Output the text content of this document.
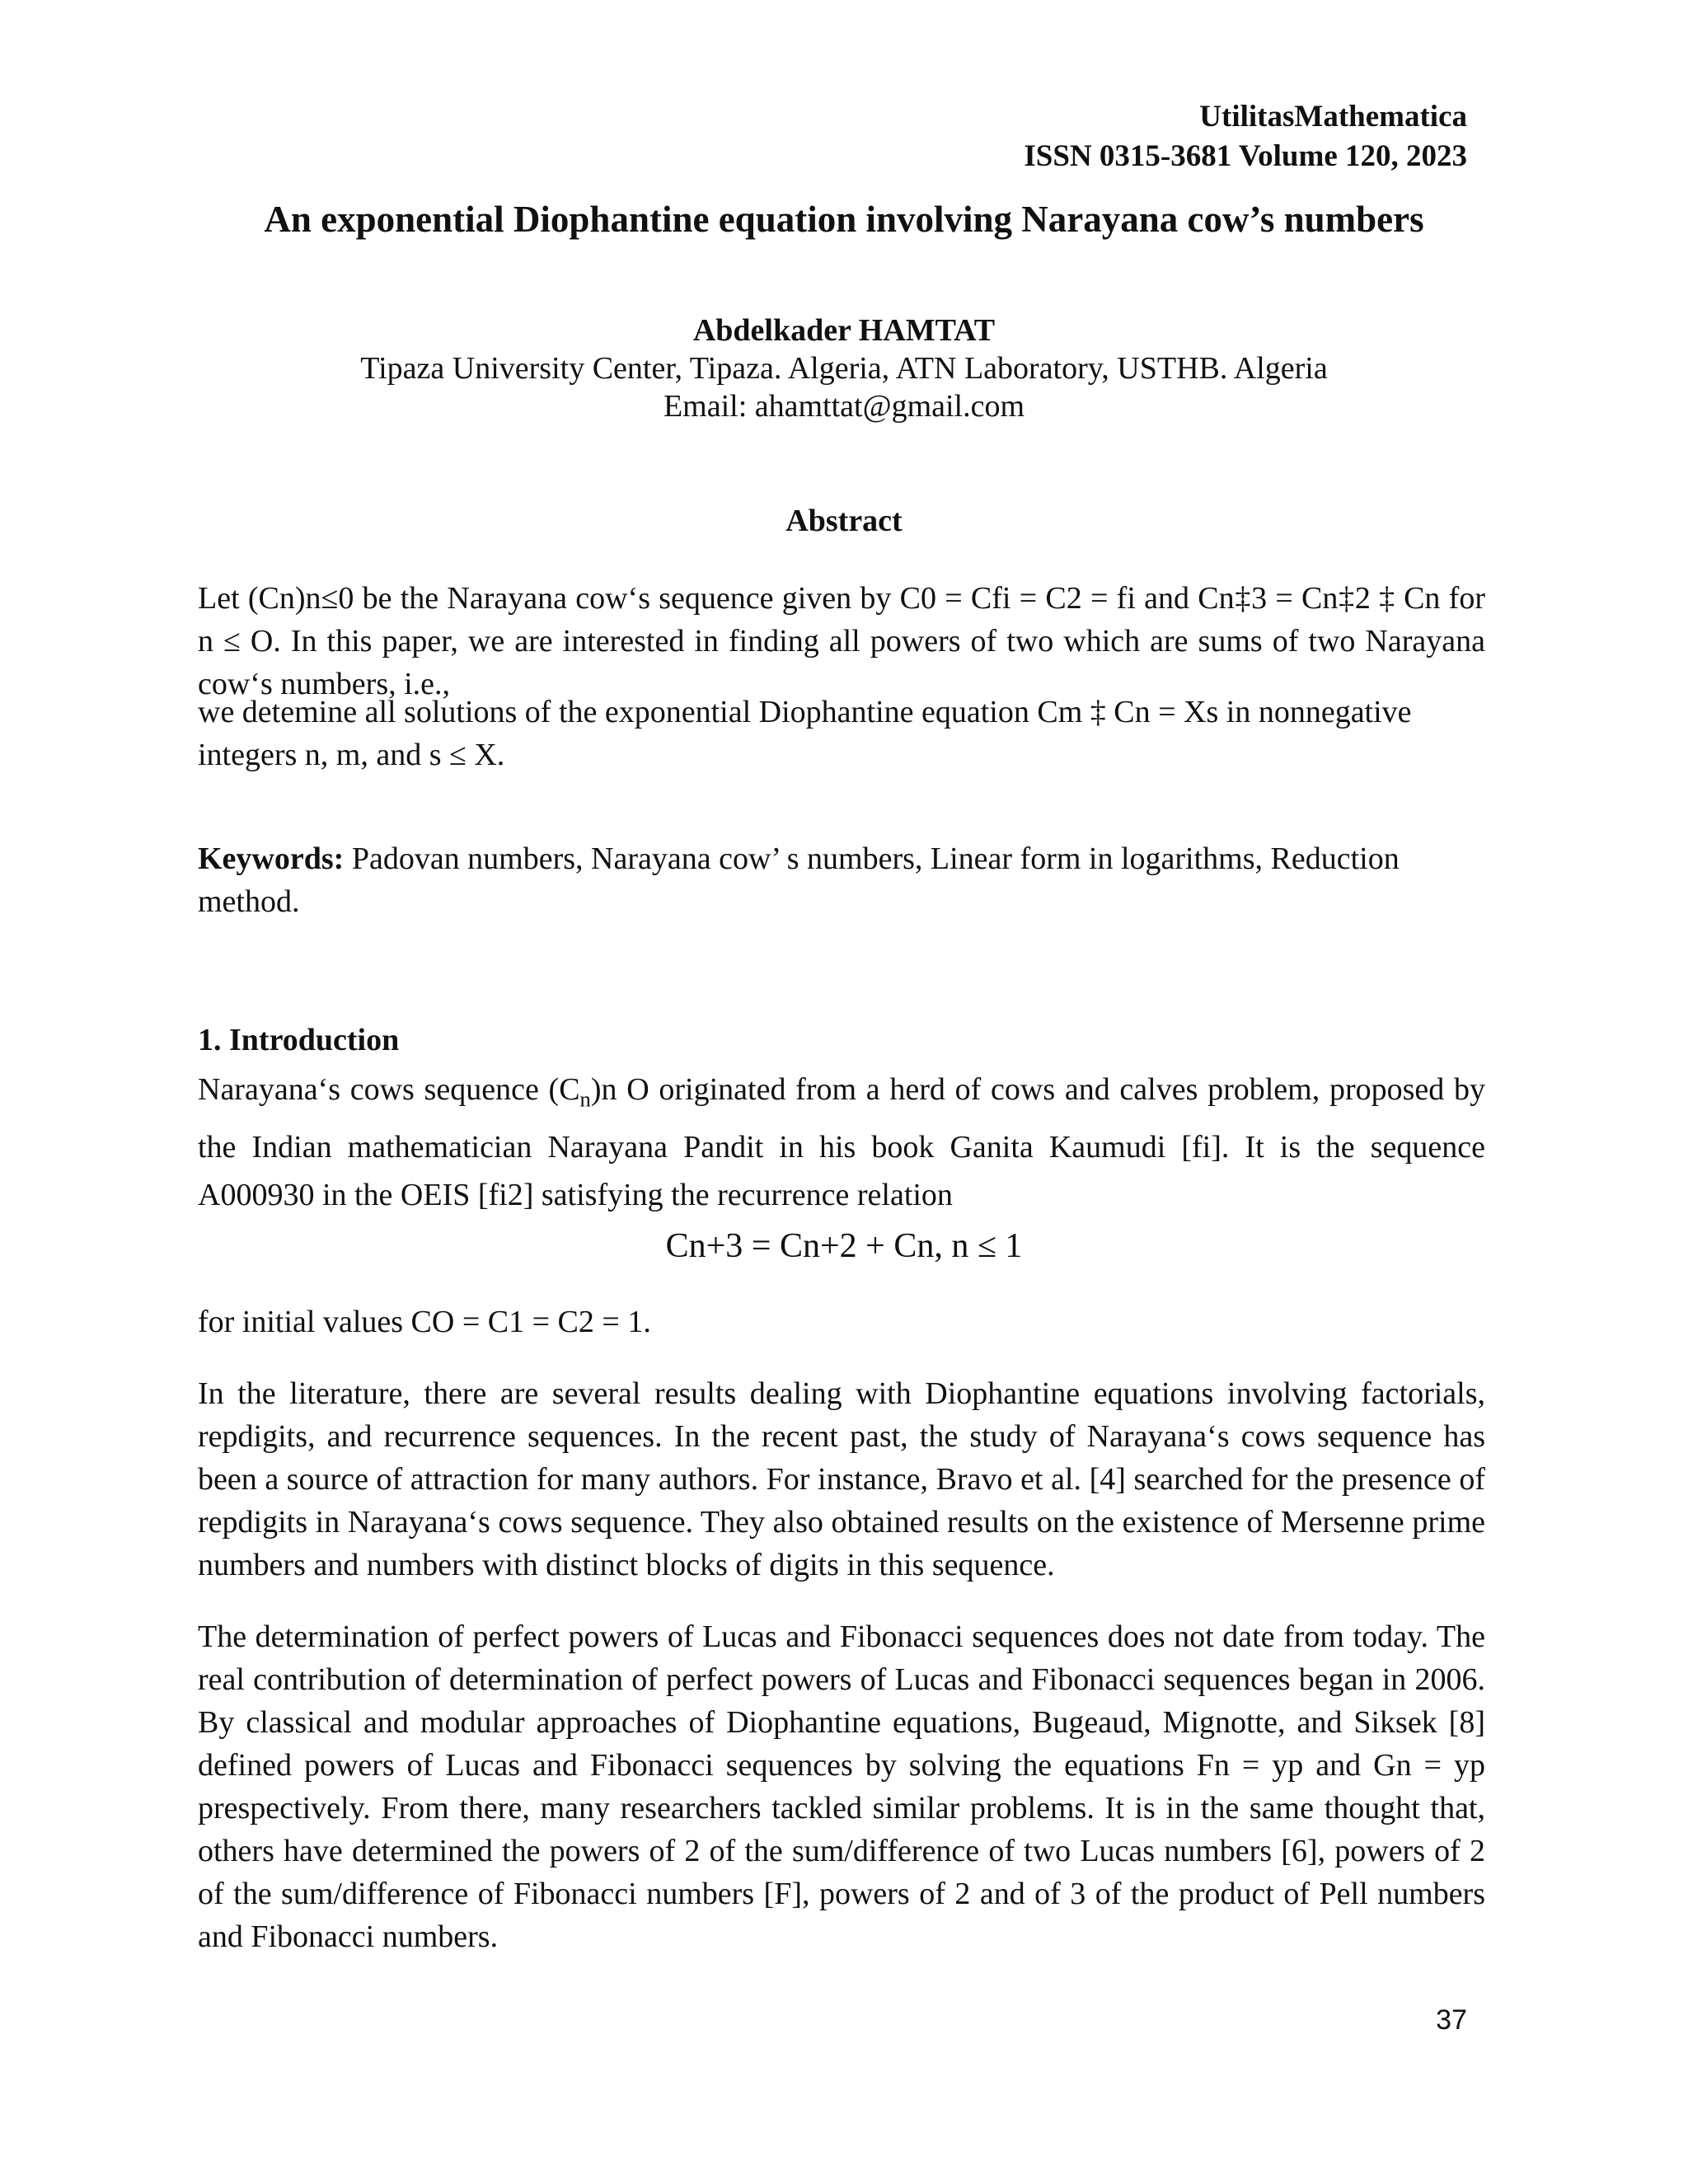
UtilitasMathematica
ISSN 0315-3681 Volume 120, 2023
An exponential Diophantine equation involving Narayana cow’s numbers
Abdelkader HAMTAT
Tipaza University Center, Tipaza. Algeria, ATN Laboratory, USTHB. Algeria
Email: ahamttat@gmail.com
Abstract
Let (Cn)n≤0 be the Narayana cow‘s sequence given by C0 = Cfi = C2 = fi and Cn‡3 = Cn‡2 ‡ Cn for n ≤ O. In this paper, we are interested in finding all powers of two which are sums of two Narayana cow‘s numbers, i.e.,
we detemine all solutions of the exponential Diophantine equation Cm ‡ Cn = Xs in nonnegative integers n, m, and s ≤ X.
Keywords: Padovan numbers, Narayana cow’ s numbers, Linear form in logarithms, Reduction method.
1. Introduction
Narayana‘s cows sequence $(C_n)n$ O originated from a herd of cows and calves problem, proposed by the Indian mathematician Narayana Pandit in his book Ganita Kaumudi [fi]. It is the sequence A000930 in the OEIS [fi2] satisfying the recurrence relation
Cn+3 = Cn+2 + Cn, n ≤ 1
for initial values CO = C1 = C2 = 1.
In the literature, there are several results dealing with Diophantine equations involving factorials, repdigits, and recurrence sequences. In the recent past, the study of Narayana‘s cows sequence has been a source of attraction for many authors. For instance, Bravo et al. [4] searched for the presence of repdigits in Narayana‘s cows sequence. They also obtained results on the existence of Mersenne prime numbers and numbers with distinct blocks of digits in this sequence.
The determination of perfect powers of Lucas and Fibonacci sequences does not date from today. The real contribution of determination of perfect powers of Lucas and Fibonacci sequences began in 2006. By classical and modular approaches of Diophantine equations, Bugeaud, Mignotte, and Siksek [8] defined powers of Lucas and Fibonacci sequences by solving the equations Fn = yp and Gn = yp prespectively. From there, many researchers tackled similar problems. It is in the same thought that, others have determined the powers of 2 of the sum/difference of two Lucas numbers [6], powers of 2 of the sum/difference of Fibonacci numbers [F], powers of 2 and of 3 of the product of Pell numbers and Fibonacci numbers.
37
